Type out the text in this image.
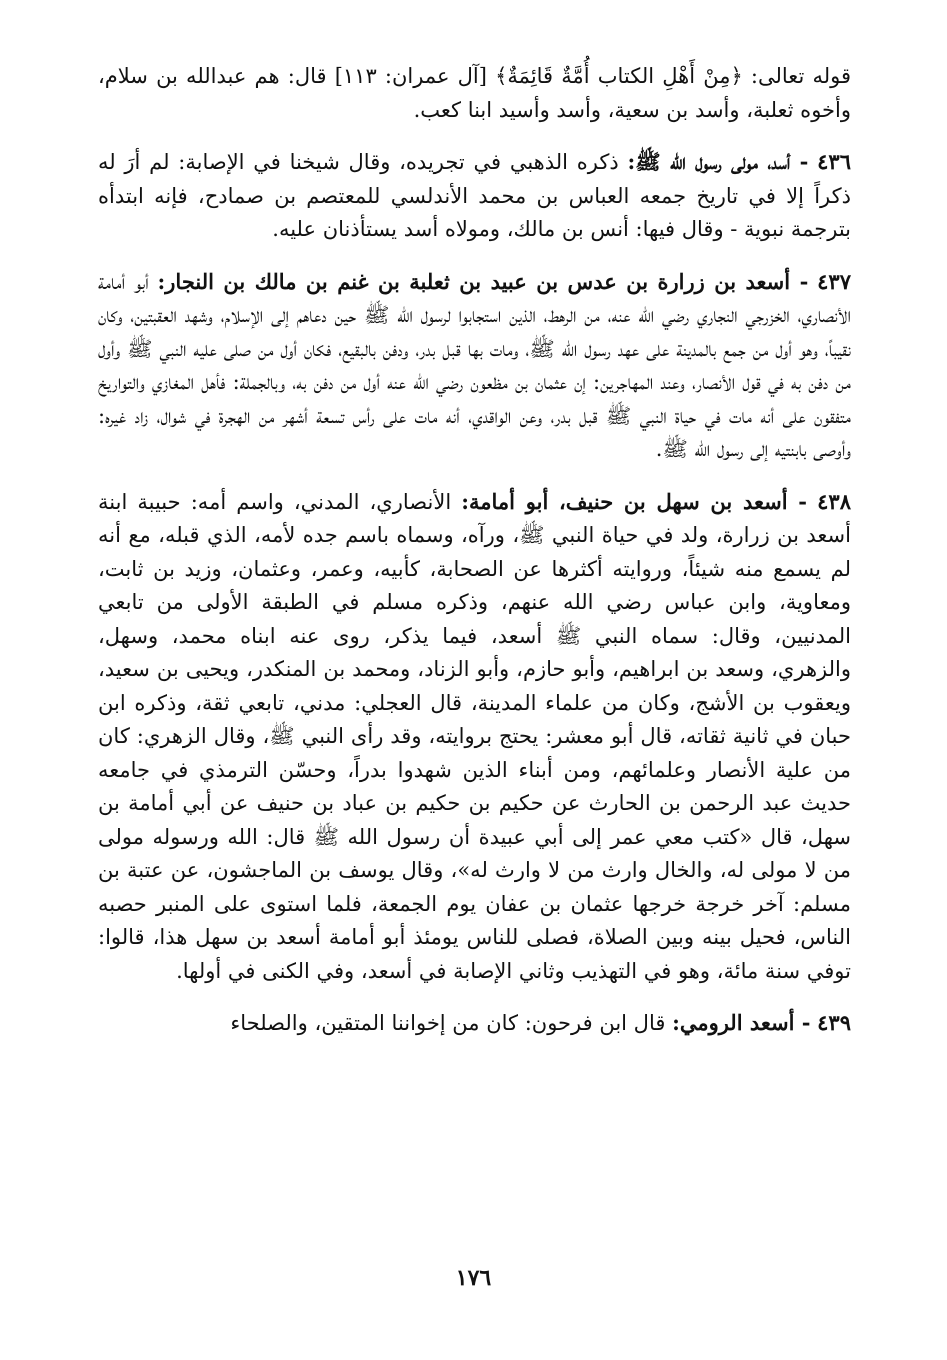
قوله تعالى: ﴿مِنْ أَهْلِ الكتاب أُمَّةٌ قَائِمَةٌ﴾ [آل عمران: ١١٣] قال: هم عبدالله بن سلام، وأخوه ثعلبة، وأسد بن سعية، وأسد وأسيد ابنا كعب.

٤٣٦ - أسد، مولى رسول الله ﷺ: ذكره الذهبي في تجريده، وقال شيخنا في الإصابة: لم أرَ له ذكراً إلا في تاريخ جمعه العباس بن محمد الأندلسي للمعتصم بن صمادح، فإنه ابتدأه بترجمة نبوية - وقال فيها: أنس بن مالك، ومولاه أسد يستأذنان عليه.

٤٣٧ - أسعد بن زرارة بن عدس بن عبيد بن ثعلبة بن غنم بن مالك بن النجار: أبو أمامة الأنصاري، الخزرجي النجاري رضي الله عنه، من الرهط، الذين استجابوا لرسول الله ﷺ حين دعاهم إلى الإسلام، وشهد العقبتين، وكان نقيباً، وهو أول من جمع بالمدينة على عهد رسول الله ﷺ، ومات بها قبل بدر، ودفن بالبقيع، فكان أول من صلى عليه النبي ﷺ وأول من دفن به في قول الأنصار، وعند المهاجرين: إن عثمان بن مظعون رضي الله عنه أول من دفن به، وبالجملة: فأهل المغازي والتواريخ متفقون على أنه مات في حياة النبي ﷺ قبل بدر، وعن الواقدي، أنه مات على رأس تسعة أشهر من الهجرة في شوال، زاد غيره: وأوصى بابنتيه إلى رسول الله ﷺ.

٤٣٨ - أسعد بن سهل بن حنيف، أبو أمامة: الأنصاري، المدني، واسم أمه: حبيبة ابنة أسعد بن زرارة، ولد في حياة النبي ﷺ، ورآه، وسماه باسم جده لأمه، الذي قبله، مع أنه لم يسمع منه شيئاً، وروايته أكثرها عن الصحابة، كأبيه، وعمر، وعثمان، وزيد بن ثابت، ومعاوية، وابن عباس رضي الله عنهم، وذكره مسلم في الطبقة الأولى من تابعي المدنيين، وقال: سماه النبي ﷺ أسعد، فيما يذكر، روى عنه ابناه محمد، وسهل، والزهري، وسعد بن ابراهيم، وأبو حازم، وأبو الزناد، ومحمد بن المنكدر، ويحيى بن سعيد، ويعقوب بن الأشج، وكان من علماء المدينة، قال العجلي: مدني، تابعي ثقة، وذكره ابن حبان في ثانية ثقاته، قال أبو معشر: يحتج بروايته، وقد رأى النبي ﷺ، وقال الزهري: كان من علية الأنصار وعلمائهم، ومن أبناء الذين شهدوا بدراً، وحسّن الترمذي في جامعه حديث عبد الرحمن بن الحارث عن حكيم بن حكيم بن عباد بن حنيف عن أبي أمامة بن سهل، قال «كتب معي عمر إلى أبي عبيدة أن رسول الله ﷺ قال: الله ورسوله مولى من لا مولى له، والخال وارث من لا وارث له»، وقال يوسف بن الماجشون، عن عتبة بن مسلم: آخر خرجة خرجها عثمان بن عفان يوم الجمعة، فلما استوى على المنبر حصبه الناس، فحيل بينه وبين الصلاة، فصلى للناس يومئذ أبو أمامة أسعد بن سهل هذا، قالوا: توفي سنة مائة، وهو في التهذيب وثاني الإصابة في أسعد، وفي الكنى في أولها.

٤٣٩ - أسعد الرومي: قال ابن فرحون: كان من إخواننا المتقين، والصلحاء

١٧٦
